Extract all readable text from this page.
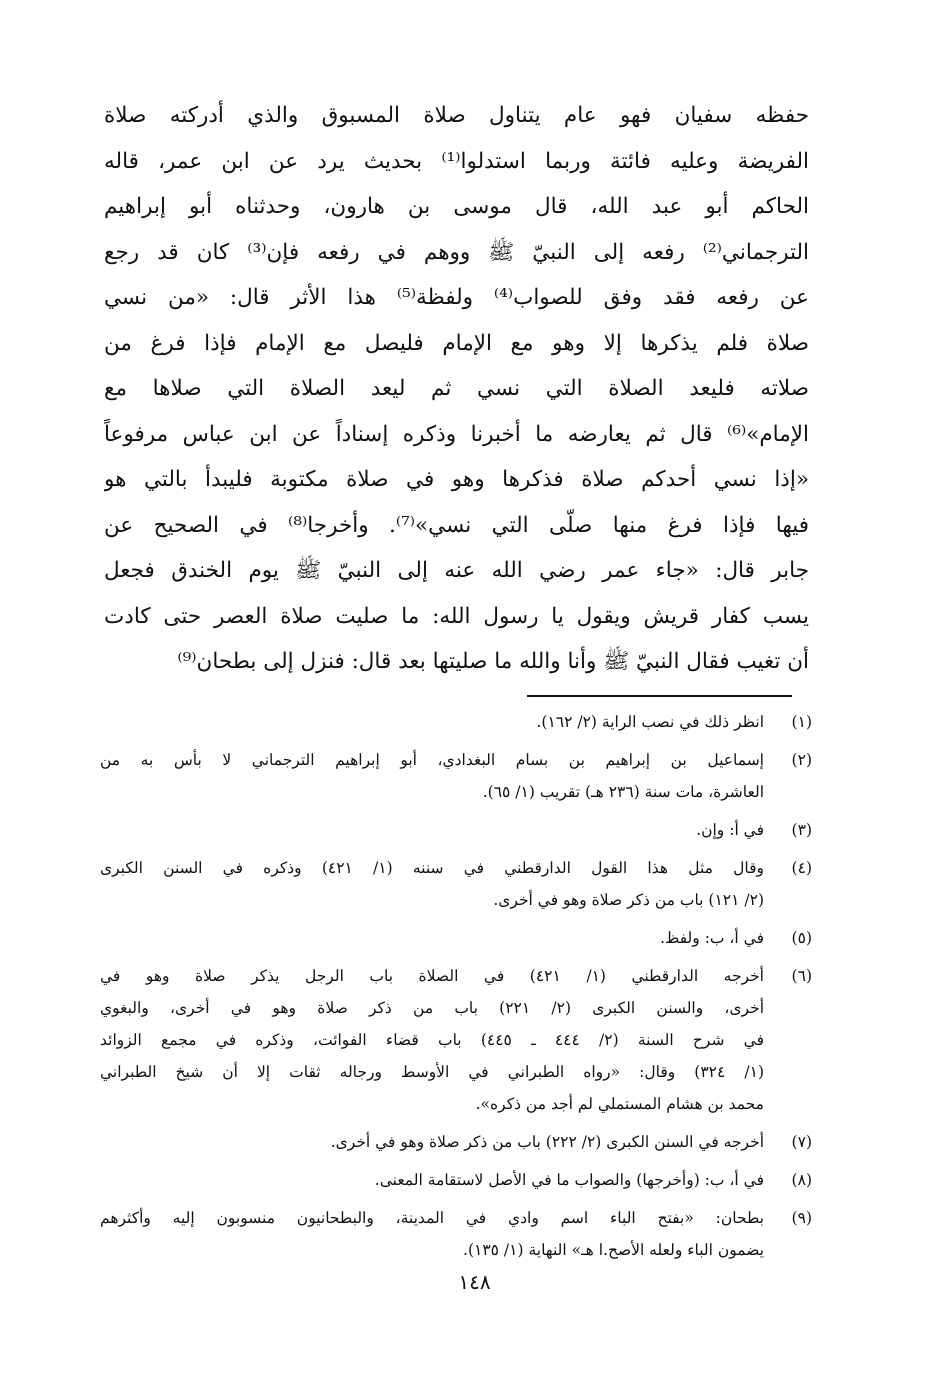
حفظه سفيان فهو عام يتناول صلاة المسبوق والذي أدركته صلاة
الفريضة وعليه فائتة وربما استدلوا⁽¹⁾ بحديث يرد عن ابن عمر، قاله
الحاكم أبو عبد الله، قال موسى بن هارون، وحدثناه أبو إبراهيم
الترجماني⁽²⁾ رفعه إلى النبيّ ﷺ ووهم في رفعه فإن⁽³⁾ كان قد رجع
عن رفعه فقد وفق للصواب⁽⁴⁾ ولفظة⁽⁵⁾ هذا الأثر قال: «من نسي
صلاة فلم يذكرها إلا وهو مع الإمام فليصل مع الإمام فإذا فرغ من
صلاته فليعد الصلاة التي نسي ثم ليعد الصلاة التي صلاها مع
الإمام»⁽⁶⁾ قال ثم يعارضه ما أخبرنا وذكره إسناداً عن ابن عباس مرفوعاً
«إذا نسي أحدكم صلاة فذكرها وهو في صلاة مكتوبة فليبدأ بالتي هو
فيها فإذا فرغ منها صلّى التي نسي»⁽⁷⁾. وأخرجا⁽⁸⁾ في الصحيح عن
جابر قال: «جاء عمر رضي الله عنه إلى النبيّ ﷺ يوم الخندق فجعل
يسب كفار قريش ويقول يا رسول الله: ما صليت صلاة العصر حتى كادت
أن تغيب فقال النبيّ ﷺ وأنا والله ما صليتها بعد قال: فنزل إلى بطحان⁽⁹⁾
(١)
انظر ذلك في نصب الراية (٢/ ١٦٢).
(٢)
إسماعيل بن إبراهيم بن بسام البغدادي، أبو إبراهيم الترجماني لا بأس به من
العاشرة، مات سنة (٢٣٦ هـ) تقريب (١/ ٦٥).
(٣)
في أ: وإن.
(٤)
وقال مثل هذا القول الدارقطني في سننه (١/ ٤٢١) وذكره في السنن الكبرى
(٢/ ١٢١) باب من ذكر صلاة وهو في أخرى.
(٥)
في أ، ب: ولفظ.
(٦)
أخرجه الدارقطني (١/ ٤٢١) في الصلاة باب الرجل يذكر صلاة وهو في
أخرى، والسنن الكبرى (٢/ ٢٢١) باب من ذكر صلاة وهو في أخرى، والبغوي
في شرح السنة (٢/ ٤٤٤ ـ ٤٤٥) باب قضاء الفوائت، وذكره في مجمع الزوائد
(١/ ٣٢٤) وقال: «رواه الطبراني في الأوسط ورجاله ثقات إلا أن شيخ الطبراني
محمد بن هشام المستملي لم أجد من ذكره».
(٧)
أخرجه في السنن الكبرى (٢/ ٢٢٢) باب من ذكر صلاة وهو في أخرى.
(٨)
في أ، ب: (وأخرجها) والصواب ما في الأصل لاستقامة المعنى.
(٩)
بطحان: «بفتح الباء اسم وادي في المدينة، والبطحانيون منسوبون إليه وأكثرهم
يضمون الباء ولعله الأصح.ا هـ» النهاية (١/ ١٣٥).
١٤٨
